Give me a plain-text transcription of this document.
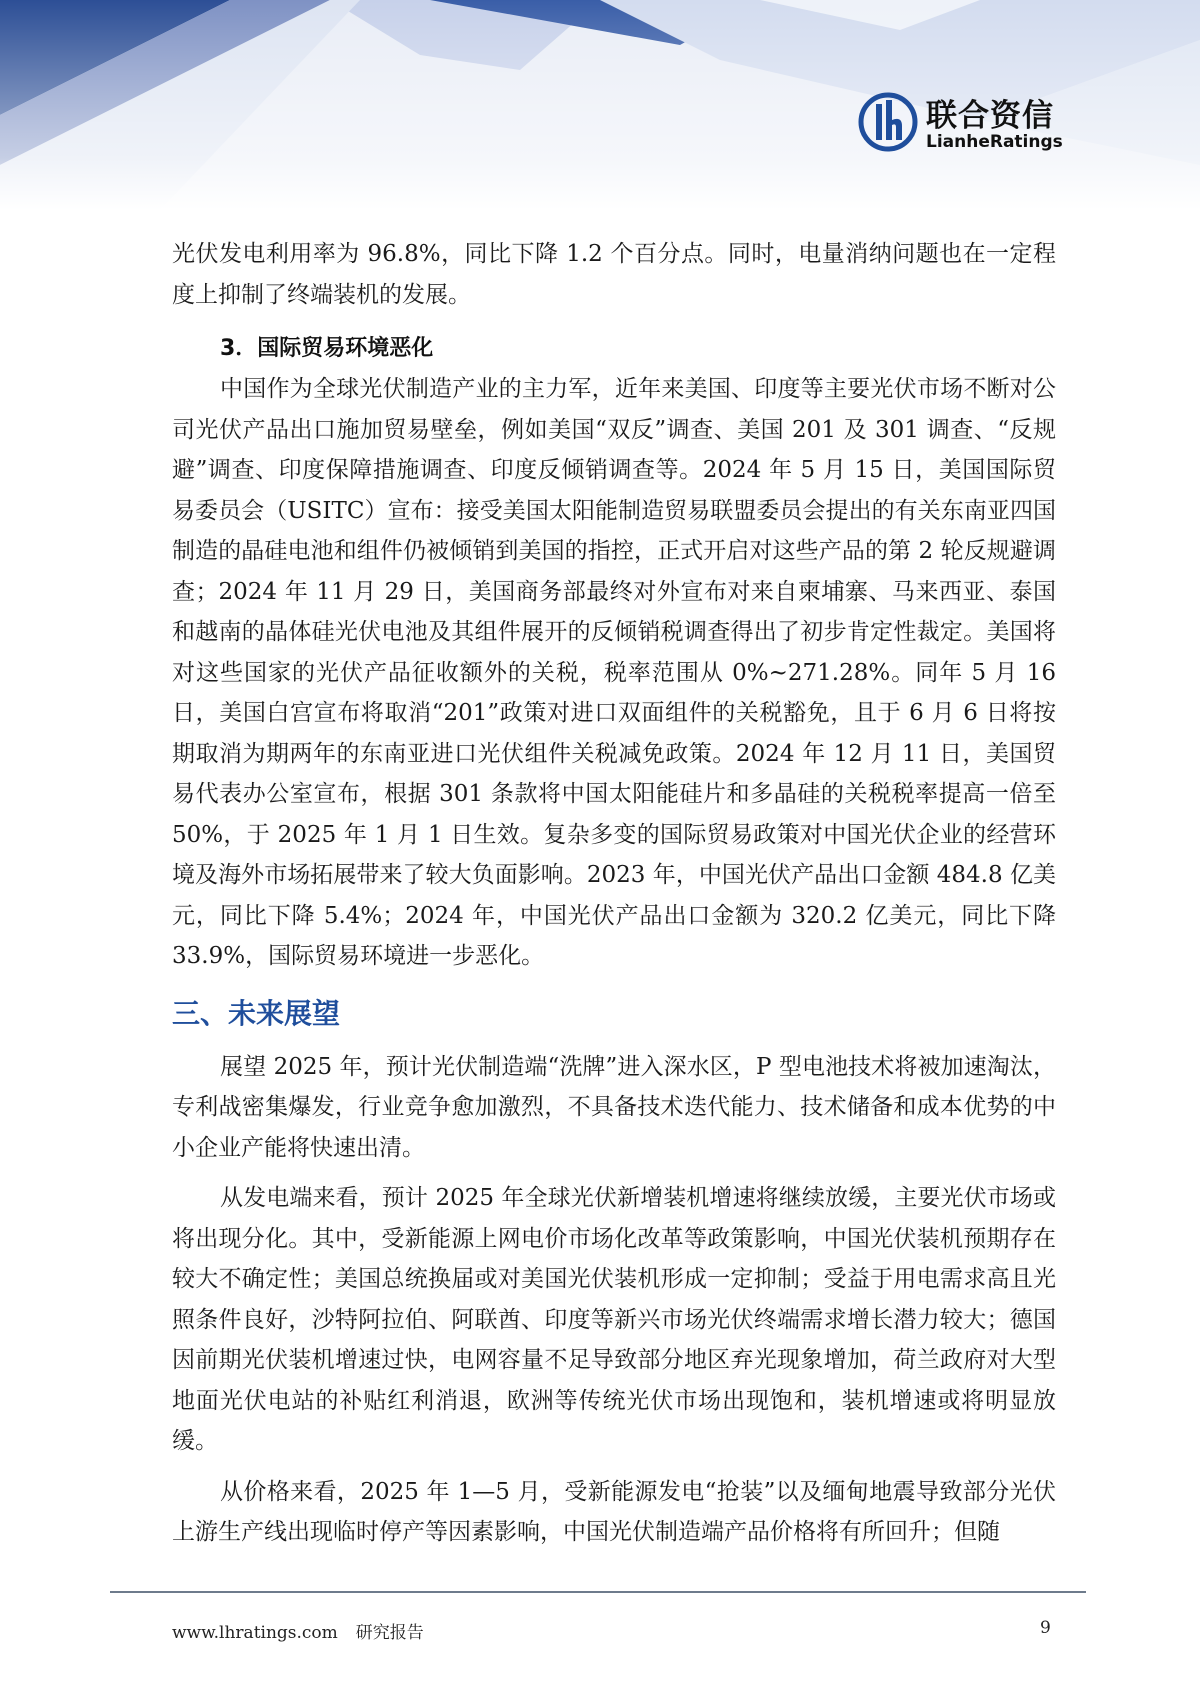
联合资信
LianheRatings

光伏发电利用率为 96.8%，同比下降 1.2 个百分点。同时，电量消纳问题也在一定程度上抑制了终端装机的发展。

3．国际贸易环境恶化

中国作为全球光伏制造产业的主力军，近年来美国、印度等主要光伏市场不断对公司光伏产品出口施加贸易壁垒，例如美国“双反”调查、美国 201 及 301 调查、“反规避”调查、印度保障措施调查、印度反倾销调查等。2024 年 5 月 15 日，美国国际贸易委员会（USITC）宣布：接受美国太阳能制造贸易联盟委员会提出的有关东南亚四国制造的晶硅电池和组件仍被倾销到美国的指控，正式开启对这些产品的第 2 轮反规避调查；2024 年 11 月 29 日，美国商务部最终对外宣布对来自柬埔寨、马来西亚、泰国和越南的晶体硅光伏电池及其组件展开的反倾销税调查得出了初步肯定性裁定。美国将对这些国家的光伏产品征收额外的关税，税率范围从 0%~271.28%。同年 5 月 16 日，美国白宫宣布将取消“201”政策对进口双面组件的关税豁免，且于 6 月 6 日将按期取消为期两年的东南亚进口光伏组件关税减免政策。2024 年 12 月 11 日，美国贸易代表办公室宣布，根据 301 条款将中国太阳能硅片和多晶硅的关税税率提高一倍至 50%，于 2025 年 1 月 1 日生效。复杂多变的国际贸易政策对中国光伏企业的经营环境及海外市场拓展带来了较大负面影响。2023 年，中国光伏产品出口金额 484.8 亿美元，同比下降 5.4%；2024 年，中国光伏产品出口金额为 320.2 亿美元，同比下降 33.9%，国际贸易环境进一步恶化。

三、未来展望

展望 2025 年，预计光伏制造端“洗牌”进入深水区，P 型电池技术将被加速淘汰，专利战密集爆发，行业竞争愈加激烈，不具备技术迭代能力、技术储备和成本优势的中小企业产能将快速出清。

从发电端来看，预计 2025 年全球光伏新增装机增速将继续放缓，主要光伏市场或将出现分化。其中，受新能源上网电价市场化改革等政策影响，中国光伏装机预期存在较大不确定性；美国总统换届或对美国光伏装机形成一定抑制；受益于用电需求高且光照条件良好，沙特阿拉伯、阿联酋、印度等新兴市场光伏终端需求增长潜力较大；德国因前期光伏装机增速过快，电网容量不足导致部分地区弃光现象增加，荷兰政府对大型地面光伏电站的补贴红利消退，欧洲等传统光伏市场出现饱和，装机增速或将明显放缓。

从价格来看，2025 年 1—5 月，受新能源发电“抢装”以及缅甸地震导致部分光伏上游生产线出现临时停产等因素影响，中国光伏制造端产品价格将有所回升；但随

www.lhratings.com 研究报告	9
